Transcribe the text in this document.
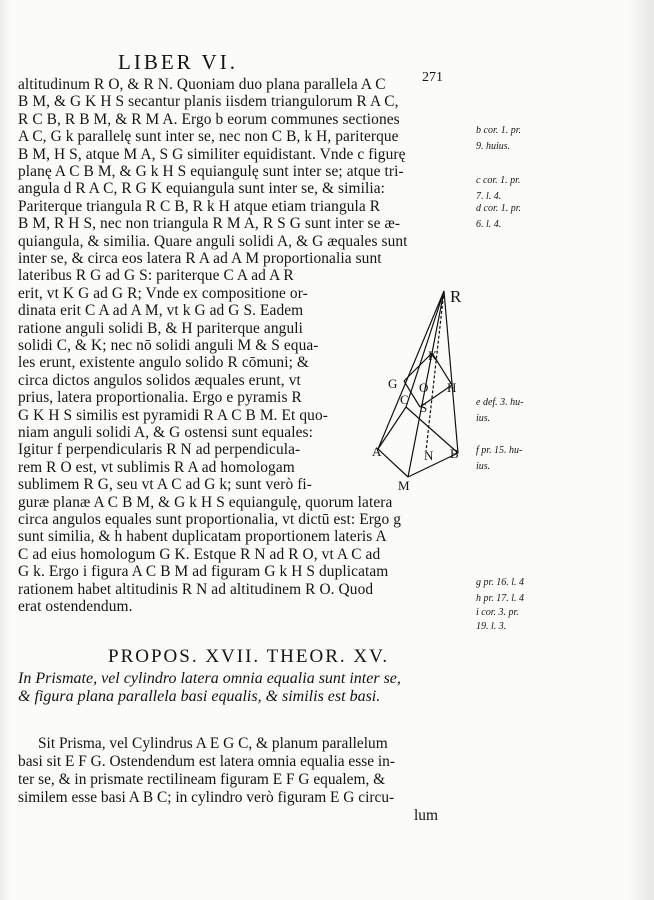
LIBER VI.
271
altitudinum R O, & R N. Quoniam duo plana parallela A C
B M, & G K H S secantur planis iisdem triangulorum R A C,
R C B, R B M, & R M A. Ergo b eorum communes sectiones
A C, G k parallelę sunt inter se, nec non C B, k H, pariterque
B M, H S, atque M A, S G similiter equidistant. Vnde c figurę
planę A C B M, & G k H S equiangulę sunt inter se; atque tri-
angula d R A C, R G K equiangula sunt inter se, & similia:
Pariterque triangula R C B, R k H atque etiam triangula R
B M, R H S, nec non triangula R M A, R S G sunt inter se æ-
quiangula, & similia. Quare anguli solidi A, & G æquales sunt
inter se, & circa eos latera R A ad A M proportionalia sunt
lateribus R G ad G S: pariterque C A ad A R
erit, vt K G ad G R; Vnde ex compositione or-
dinata erit C A ad A M, vt k G ad G S. Eadem
ratione anguli solidi B, & H pariterque anguli
solidi C, & K; nec nō solidi anguli M & S equa-
les erunt, existente angulo solido R cōmuni; &
circa dictos angulos solidos æquales erunt, vt
prius, latera proportionalia. Ergo e pyramis R
G K H S similis est pyramidi R A C B M. Et quo-
niam anguli solidi A, & G ostensi sunt equales:
Igitur f perpendicularis R N ad perpendicula-
rem R O est, vt sublimis R A ad homologam
sublimem R G, seu vt A C ad G k; sunt verò fi-
guræ planæ A C B M, & G k H S equiangulę, quorum latera
circa angulos equales sunt proportionalia, vt dictū est: Ergo g
sunt similia, & h habent duplicatam proportionem lateris A
C ad eius homologum G K. Estque R N ad R O, vt A C ad
G k. Ergo i figura A C B M ad figuram G k H S duplicatam
rationem habet altitudinis R N ad altitudinem R O. Quod
erat ostendendum.
b cor. 1. pr.
9. huius.
c cor. 1. pr.
7. l. 4.
d cor. 1. pr.
6. l. 4.
e def. 3. hu-
ius.
f pr. 15. hu-
ius.
g pr. 16. l. 4
h pr. 17. l. 4
i cor. 3. pr.
19. l. 3.
R
K
G O H
S
C
A	N B
M
PROPOS. XVII. THEOR. XV.
In Prismate, vel cylindro latera omnia equalia sunt inter se,
& figura plana parallela basi equalis, & similis est basi.
Sit Prisma, vel Cylindrus A E G C, & planum parallelum
basi sit E F G. Ostendendum est latera omnia equalia esse in-
ter se, & in prismate rectilineam figuram E F G equalem, &
similem esse basi A B C; in cylindro verò figuram E G circu-
lum
